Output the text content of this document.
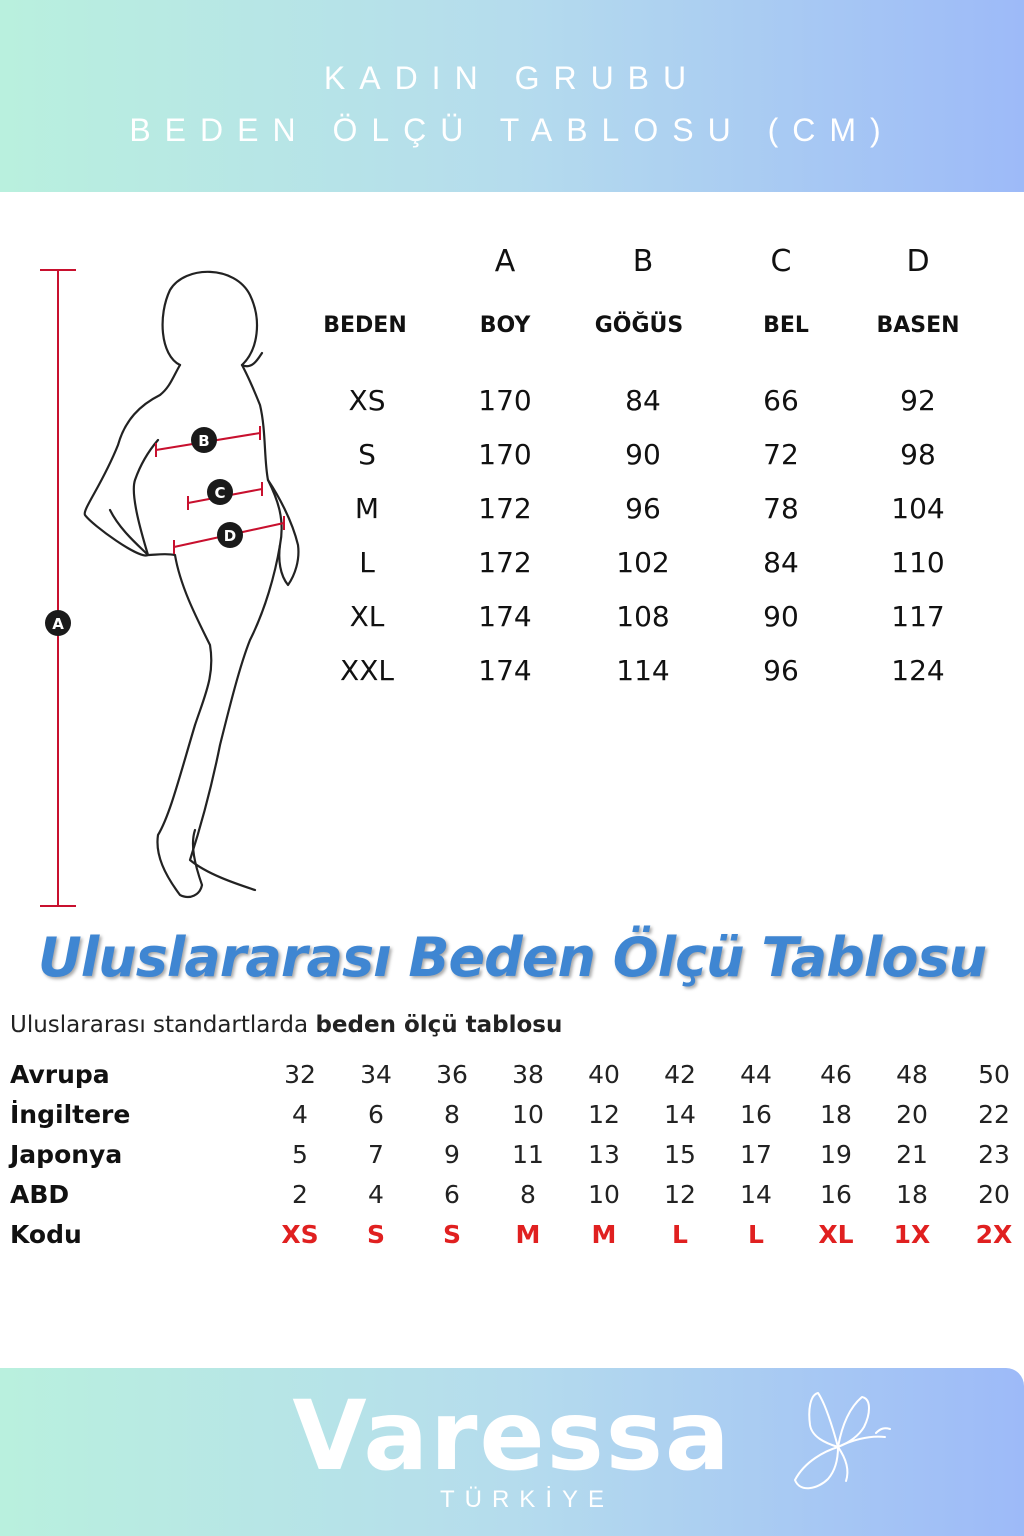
KADIN GRUBU
BEDEN ÖLÇÜ TABLOSU (CM)
A
B
C
D
A	B	C	D
BEDEN	BOY	GÖĞÜS	BEL	BASEN
XS	170	84	66	92
S	170	90	72	98
M	172	96	78	104
L	172	102	84	110
XL	174	108	90	117
XXL	174	114	96	124
Uluslararası Beden Ölçü Tablosu
Uluslararası standartlarda beden ölçü tablosu
Avrupa	32	34	36	38	40	42	44	46	48	50
İngiltere	4	6	8	10	12	14	16	18	20	22
Japonya	5	7	9	11	13	15	17	19	21	23
ABD	2	4	6	8	10	12	14	16	18	20
Kodu	XS	S	S	M	M	L	L	XL	1X	2X
Varessa
TÜRKİYE
